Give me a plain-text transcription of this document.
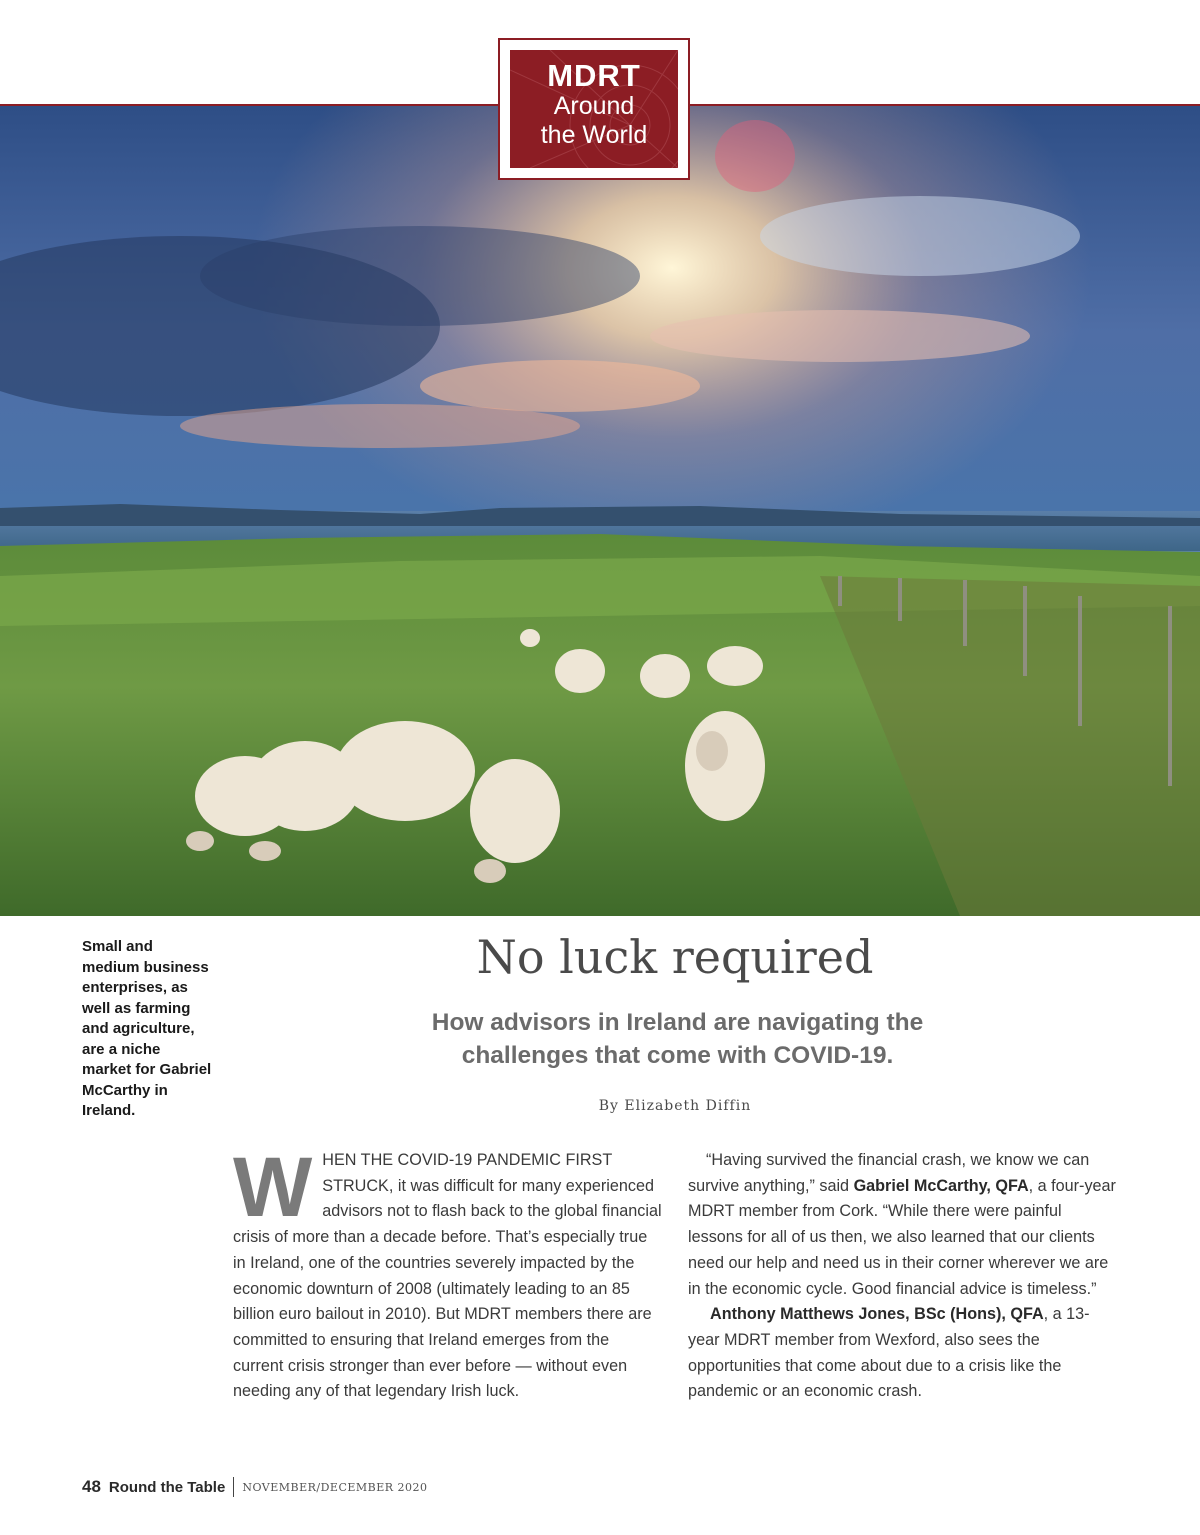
MDRT
Around
the World
Small and medium business enterprises, as well as farming and agriculture, are a niche market for Gabriel McCarthy in Ireland.
No luck required
How advisors in Ireland are navigating the
challenges that come with COVID-19.
By Elizabeth Diffin

WHEN THE COVID-19 PANDEMIC FIRST STRUCK, it was difficult for many experienced advisors not to flash back to the global financial crisis of more than a decade before. That’s especially true in Ireland, one of the countries severely impacted by the economic downturn of 2008 (ultimately leading to an 85 billion euro bailout in 2010). But MDRT members there are committed to ensuring that Ireland emerges from the current crisis stronger than ever before — without even needing any of that legendary Irish luck.

“Having survived the financial crash, we know we can survive anything,” said Gabriel McCarthy, QFA, a four-year MDRT member from Cork. “While there were painful lessons for all of us then, we also learned that our clients need our help and need us in their corner wherever we are in the economic cycle. Good financial advice is timeless.”

Anthony Matthews Jones, BSc (Hons), QFA, a 13-year MDRT member from Wexford, also sees the opportunities that come about due to a crisis like the pandemic or an economic crash.

48 Round the Table NOVEMBER/DECEMBER 2020
